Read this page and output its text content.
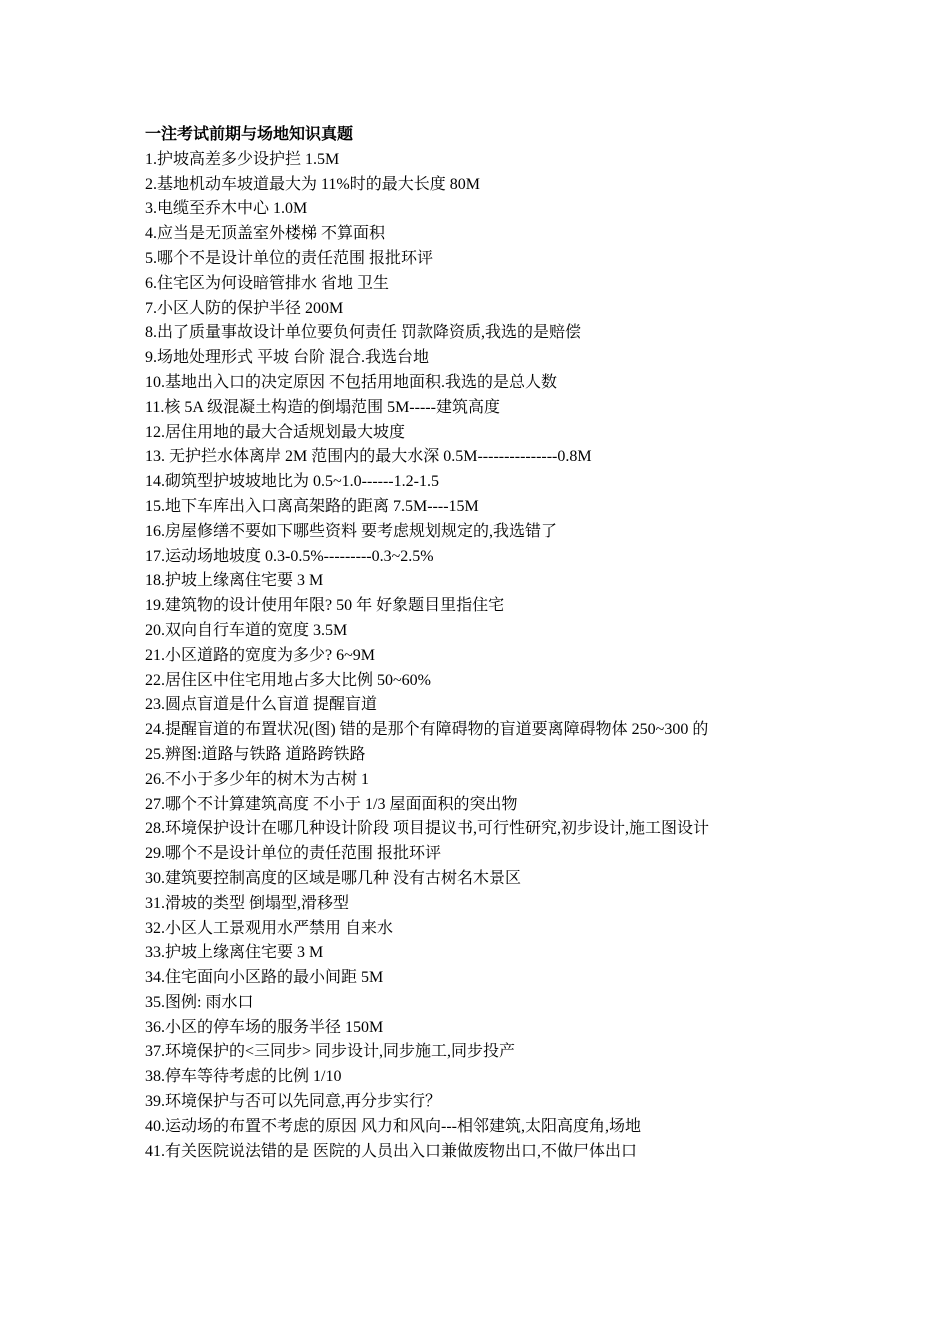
一注考试前期与场地知识真题

1.护坡高差多少设护拦 1.5M
2.基地机动车坡道最大为 11%时的最大长度 80M
3.电缆至乔木中心 1.0M
4.应当是无顶盖室外楼梯 不算面积
5.哪个不是设计单位的责任范围 报批环评
6.住宅区为何设暗管排水 省地 卫生
7.小区人防的保护半径 200M
8.出了质量事故设计单位要负何责任 罚款降资质,我选的是赔偿
9.场地处理形式 平坡 台阶 混合.我选台地
10.基地出入口的决定原因 不包括用地面积.我选的是总人数
11.核 5A 级混凝土构造的倒塌范围 5M-----建筑高度
12.居住用地的最大合适规划最大坡度
13. 无护拦水体离岸 2M 范围内的最大水深 0.5M---------------0.8M
14.砌筑型护坡坡地比为 0.5~1.0------1.2-1.5
15.地下车库出入口离高架路的距离 7.5M----15M
16.房屋修缮不要如下哪些资料 要考虑规划规定的,我选错了
17.运动场地坡度 0.3-0.5%---------0.3~2.5%
18.护坡上缘离住宅要 3 M
19.建筑物的设计使用年限? 50 年 好象题目里指住宅
20.双向自行车道的宽度 3.5M
21.小区道路的宽度为多少? 6~9M
22.居住区中住宅用地占多大比例 50~60%
23.圆点盲道是什么盲道 提醒盲道
24.提醒盲道的布置状况(图) 错的是那个有障碍物的盲道要离障碍物体 250~300 的
25.辨图:道路与铁路 道路跨铁路
26.不小于多少年的树木为古树 1
27.哪个不计算建筑高度 不小于 1/3 屋面面积的突出物
28.环境保护设计在哪几种设计阶段 项目提议书,可行性研究,初步设计,施工图设计
29.哪个不是设计单位的责任范围 报批环评
30.建筑要控制高度的区域是哪几种 没有古树名木景区
31.滑坡的类型 倒塌型,滑移型
32.小区人工景观用水严禁用 自来水
33.护坡上缘离住宅要 3 M
34.住宅面向小区路的最小间距 5M
35.图例: 雨水口
36.小区的停车场的服务半径 150M
37.环境保护的<三同步> 同步设计,同步施工,同步投产
38.停车等待考虑的比例 1/10
39.环境保护与否可以先同意,再分步实行？
40.运动场的布置不考虑的原因 风力和风向---相邻建筑,太阳高度角,场地
41.有关医院说法错的是 医院的人员出入口兼做废物出口,不做尸体出口
